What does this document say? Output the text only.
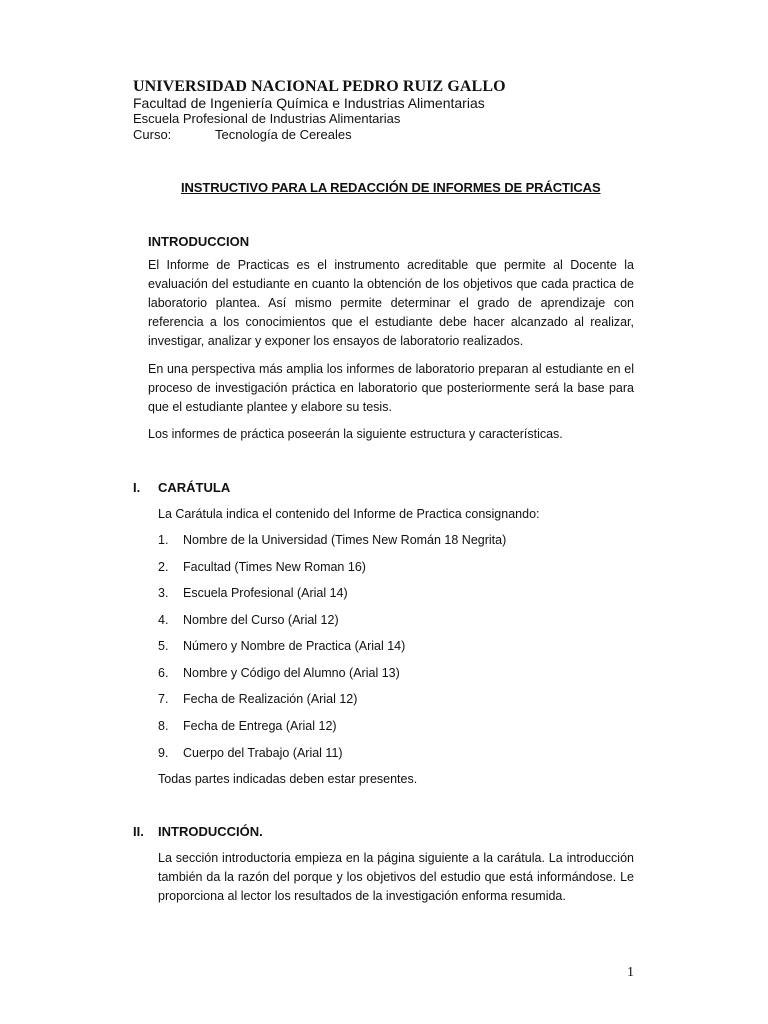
UNIVERSIDAD NACIONAL PEDRO RUIZ GALLO
Facultad de Ingeniería Química e Industrias Alimentarias
Escuela Profesional de Industrias Alimentarias
Curso:	Tecnología de Cereales
INSTRUCTIVO PARA LA REDACCIÓN DE INFORMES DE PRÁCTICAS
INTRODUCCION
El Informe de Practicas es el instrumento acreditable que permite al Docente la evaluación del estudiante en cuanto la obtención de los objetivos que cada practica de laboratorio plantea. Así mismo permite determinar el grado de aprendizaje con referencia a los conocimientos que el estudiante debe hacer alcanzado al realizar, investigar, analizar y exponer los ensayos de laboratorio realizados.
En una perspectiva más amplia los informes de laboratorio preparan al estudiante en el proceso de investigación práctica en laboratorio que posteriormente será la base para que el estudiante plantee y elabore su tesis.
Los informes de práctica poseerán la siguiente estructura y características.
I. CARÁTULA
La Carátula indica el contenido del Informe de Practica consignando:
1. Nombre de la Universidad (Times New Román 18 Negrita)
2. Facultad (Times New Roman 16)
3. Escuela Profesional (Arial 14)
4. Nombre del Curso (Arial 12)
5. Número y Nombre de Practica (Arial 14)
6. Nombre y Código del Alumno (Arial 13)
7. Fecha de Realización (Arial 12)
8. Fecha de Entrega (Arial 12)
9. Cuerpo del Trabajo (Arial 11)
Todas partes indicadas deben estar presentes.
II. INTRODUCCIÓN.
La sección introductoria empieza en la página siguiente a la carátula. La introducción también da la razón del porque y los objetivos del estudio que está informándose. Le proporciona al lector los resultados de la investigación enforma resumida.
1
